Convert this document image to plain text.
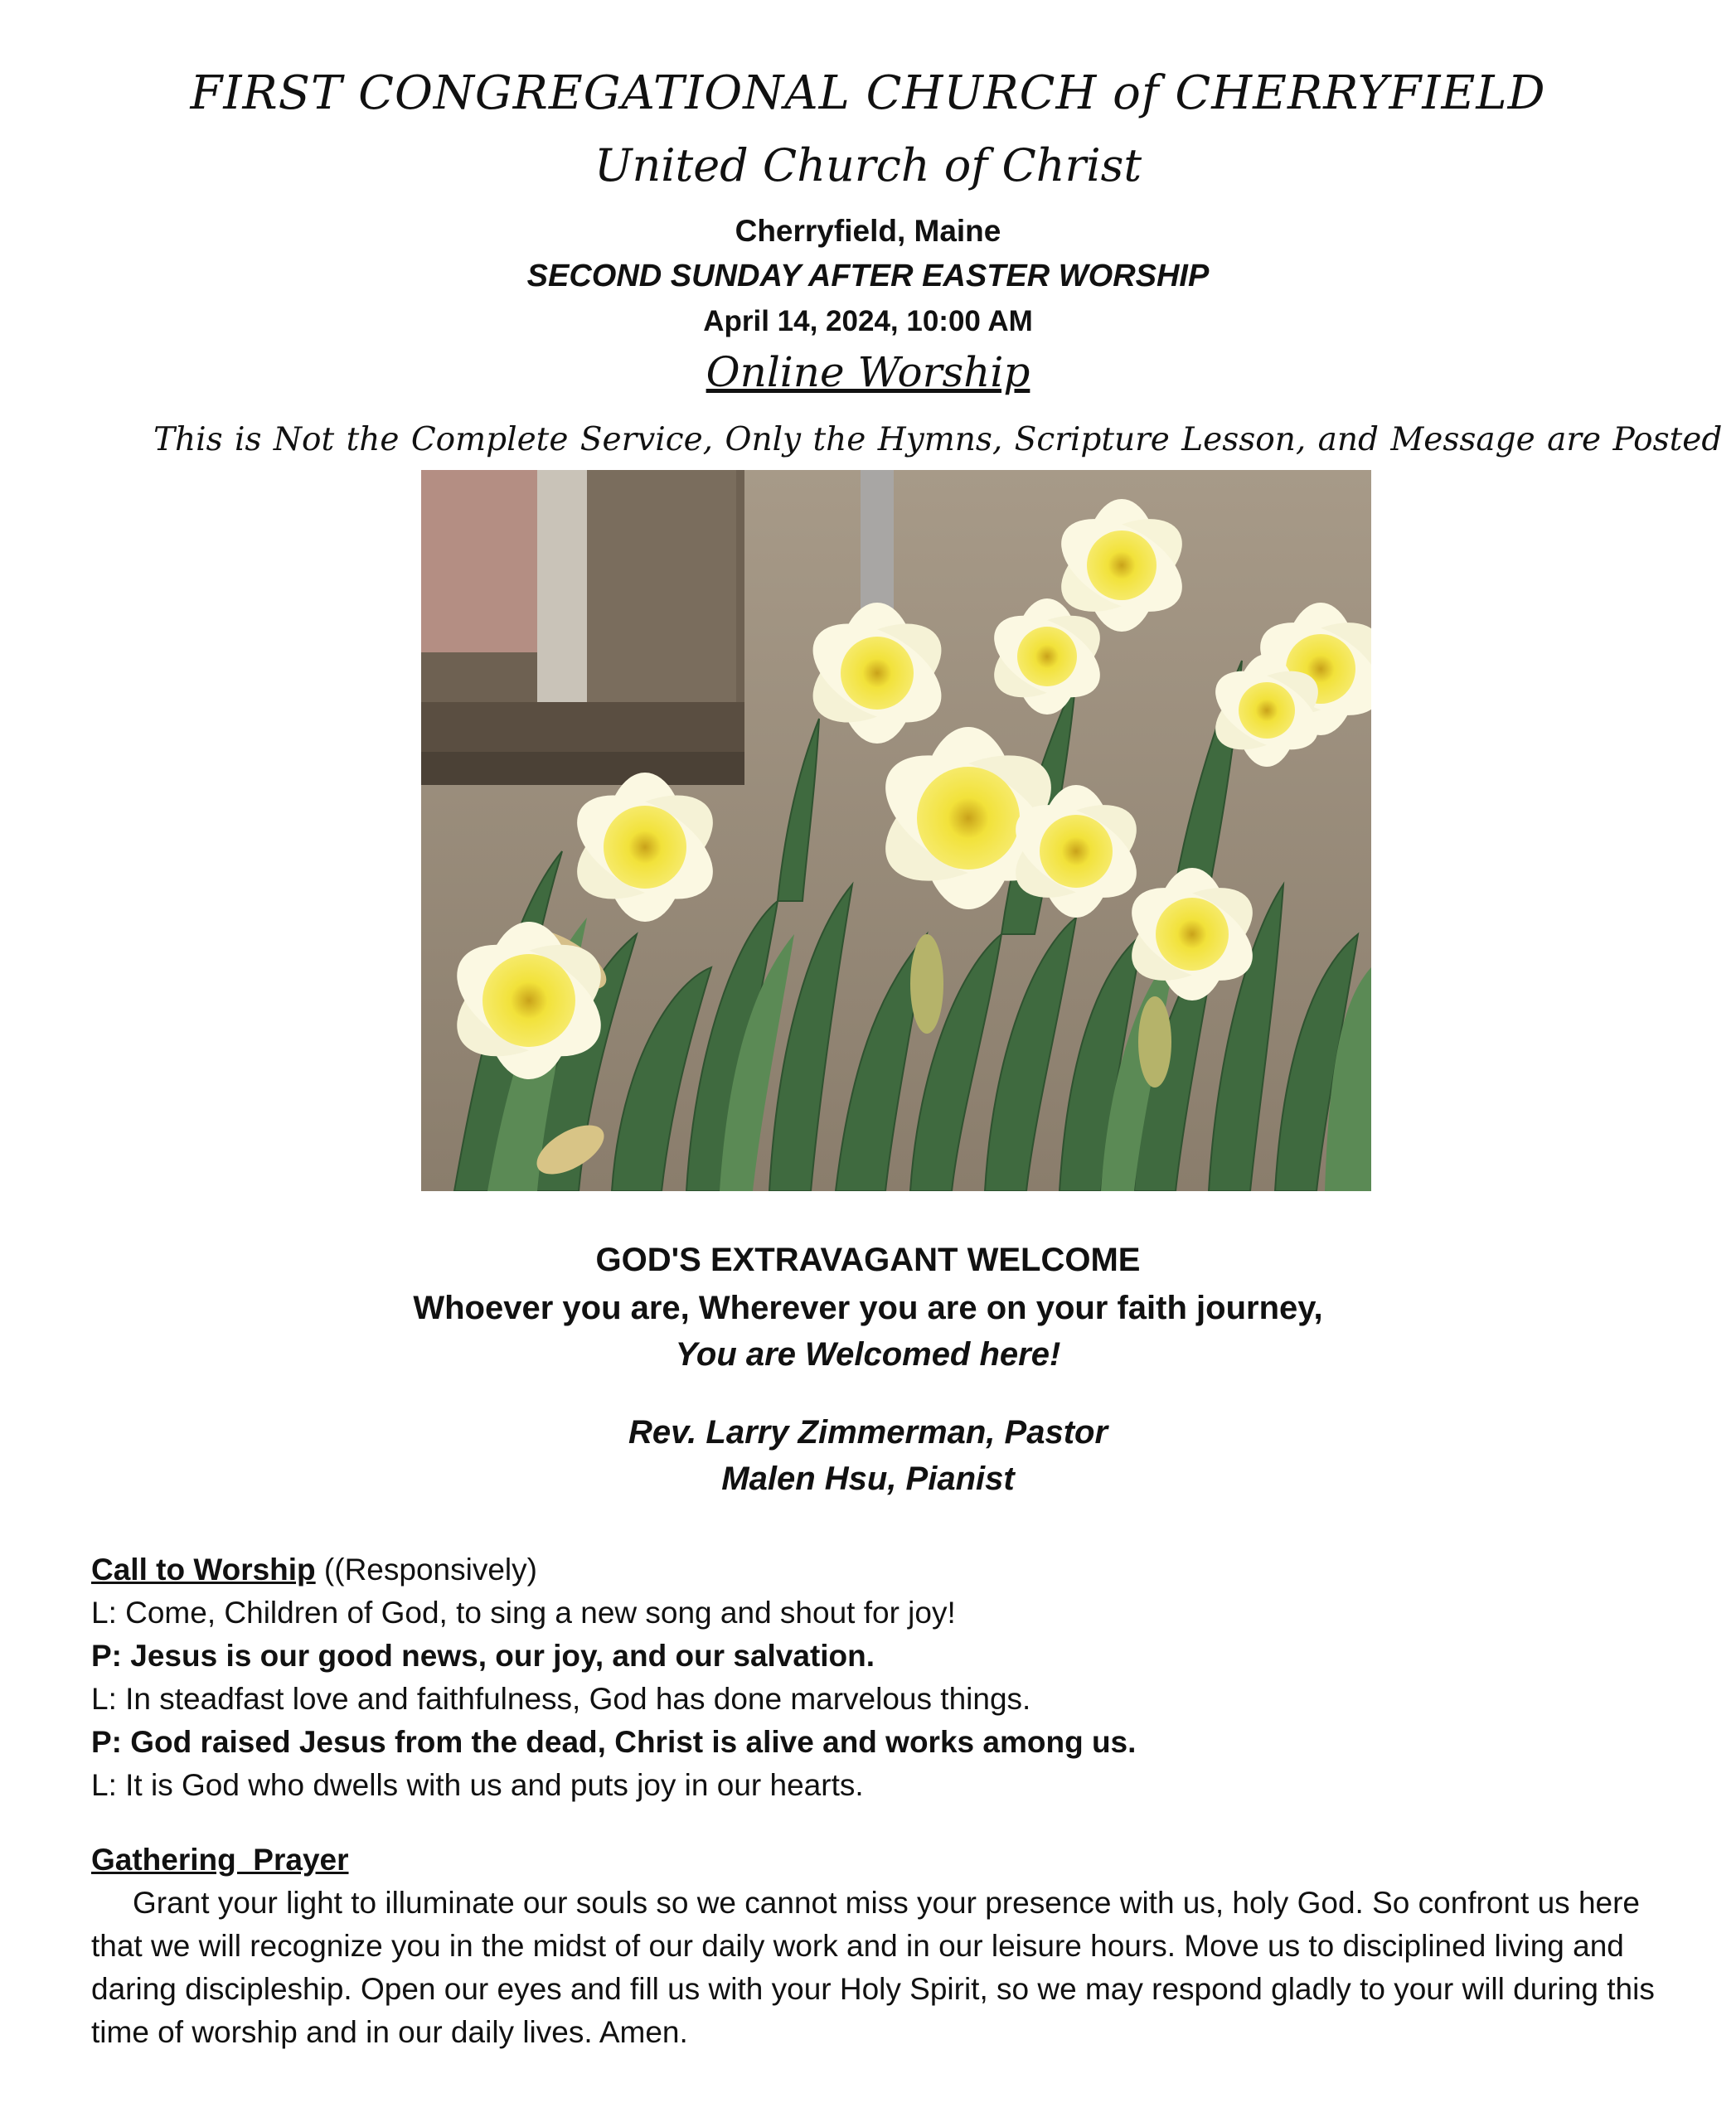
FIRST CONGREGATIONAL CHURCH of CHERRYFIELD
United Church of Christ
Cherryfield, Maine
SECOND SUNDAY AFTER EASTER WORSHIP
April 14, 2024, 10:00 AM
Online Worship
This is Not the Complete Service, Only the Hymns, Scripture Lesson, and Message are Posted
GOD'S EXTRAVAGANT WELCOME
Whoever you are, Wherever you are on your faith journey,
You are Welcomed here!
Rev. Larry Zimmerman, Pastor
Malen Hsu, Pianist
Call to Worship ((Responsively)
L: Come, Children of God, to sing a new song and shout for joy!
P: Jesus is our good news, our joy, and our salvation.
L: In steadfast love and faithfulness, God has done marvelous things.
P: God raised Jesus from the dead, Christ is alive and works among us.
L: It is God who dwells with us and puts joy in our hearts.
Gathering  Prayer
Grant your light to illuminate our souls so we cannot miss your presence with us, holy God. So confront us here that we will recognize you in the midst of our daily work and in our leisure hours. Move us to disciplined living and daring discipleship. Open our eyes and fill us with your Holy Spirit, so we may respond gladly to your will during this time of worship and in our daily lives. Amen.
